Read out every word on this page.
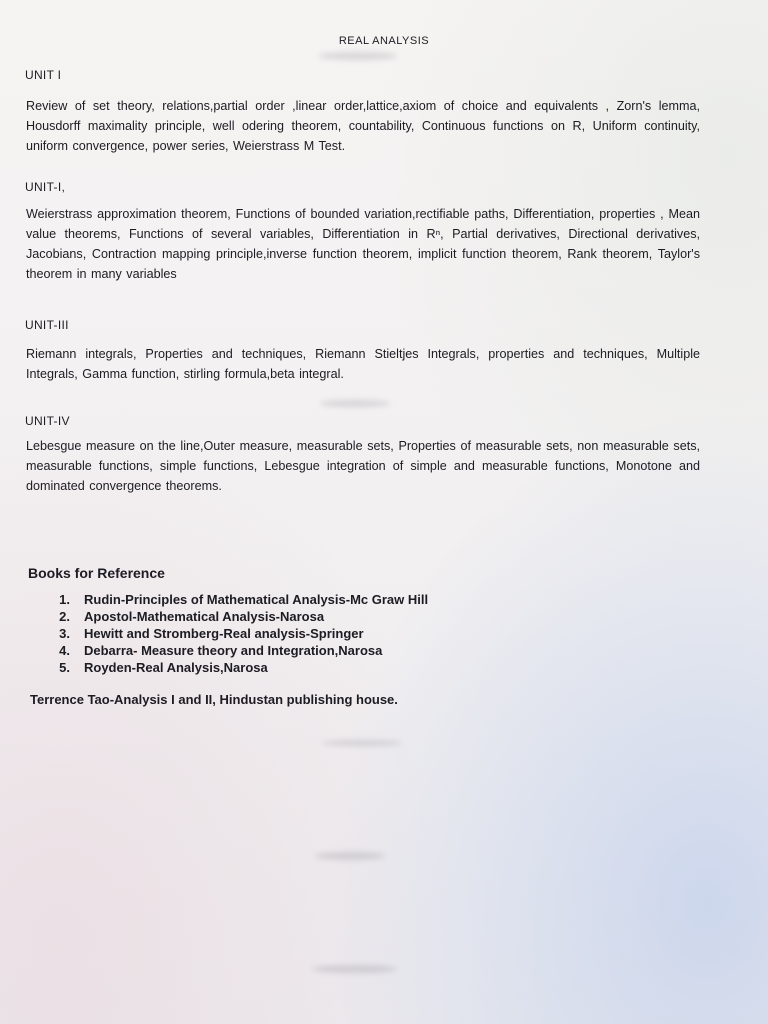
REAL ANALYSIS
UNIT I
Review of set theory, relations,partial order ,linear order,lattice,axiom of choice and equivalents , Zorn's lemma, Housdorff maximality principle, well odering theorem, countability, Continuous functions on R, Uniform continuity, uniform convergence, power series, Weierstrass M Test.
UNIT-I,
Weierstrass approximation theorem, Functions of bounded variation,rectifiable paths, Differentiation, properties , Mean value theorems, Functions of several variables, Differentiation in Rⁿ, Partial derivatives, Directional derivatives, Jacobians, Contraction mapping principle,inverse function theorem, implicit function theorem, Rank theorem, Taylor's theorem in many variables
UNIT-III
Riemann integrals, Properties and techniques, Riemann Stieltjes Integrals, properties and techniques, Multiple Integrals, Gamma function, stirling formula,beta integral.
UNIT-IV
Lebesgue measure on the line,Outer measure, measurable sets, Properties of measurable sets, non measurable sets, measurable functions, simple functions, Lebesgue integration of simple and measurable functions, Monotone and dominated convergence theorems.
Books for Reference
1. Rudin-Principles of Mathematical Analysis-Mc Graw Hill
2. Apostol-Mathematical Analysis-Narosa
3. Hewitt and Stromberg-Real analysis-Springer
4. Debarra- Measure theory and Integration,Narosa
5. Royden-Real Analysis,Narosa
Terrence Tao-Analysis I and II, Hindustan publishing house.
